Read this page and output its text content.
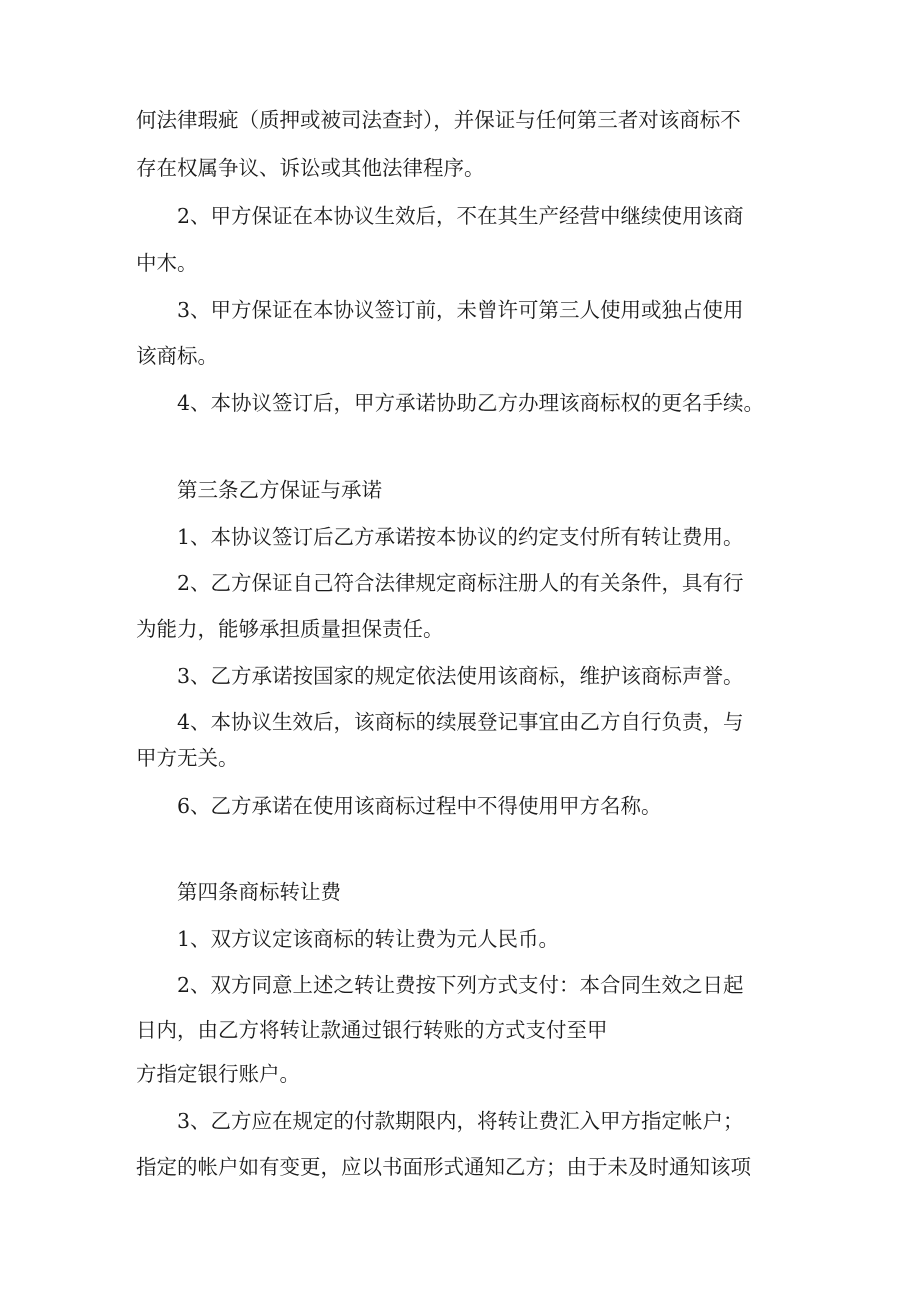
何法律瑕疵（质押或被司法查封），并保证与任何第三者对该商标不

存在权属争议、诉讼或其他法律程序。

2、甲方保证在本协议生效后，不在其生产经营中继续使用该商

中木。

3、甲方保证在本协议签订前，未曾许可第三人使用或独占使用

该商标。

4、本协议签订后，甲方承诺协助乙方办理该商标权的更名手续。

第三条乙方保证与承诺

1、本协议签订后乙方承诺按本协议的约定支付所有转让费用。

2、乙方保证自己符合法律规定商标注册人的有关条件，具有行

为能力，能够承担质量担保责任。

3、乙方承诺按国家的规定依法使用该商标，维护该商标声誉。

4、本协议生效后，该商标的续展登记事宜由乙方自行负责，与

甲方无关。

6、乙方承诺在使用该商标过程中不得使用甲方名称。

第四条商标转让费

1、双方议定该商标的转让费为元人民币。

2、双方同意上述之转让费按下列方式支付：本合同生效之日起

日内，由乙方将转让款通过银行转账的方式支付至甲

方指定银行账户。

3、乙方应在规定的付款期限内，将转让费汇入甲方指定帐户；

指定的帐户如有变更，应以书面形式通知乙方；由于未及时通知该项
